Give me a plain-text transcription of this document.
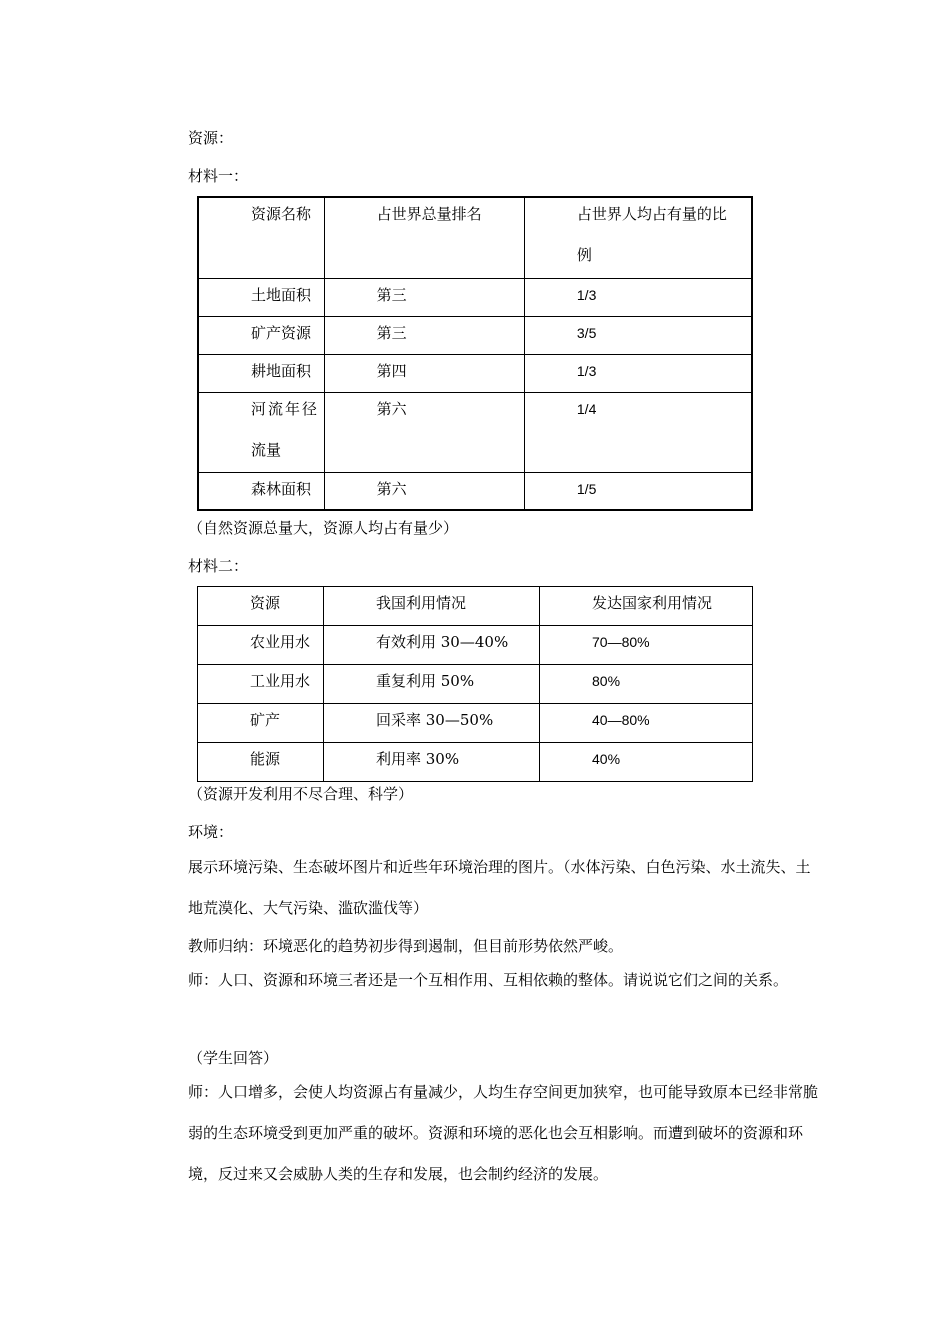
资源：
材料一：
资源名称	占世界总量排名	占世界人均占有量的比
例

土地面积	第三	1/3

矿产资源	第三	3/5

耕地面积	第四	1/3

河流年径
流量	第六	1/4

森林面积	第六	1/5
（自然资源总量大，资源人均占有量少）
材料二：
资源	我国利用情况	发达国家利用情况

农业用水	有效利用 30—40%	70—80%

工业用水	重复利用 50%	80%

矿产	回采率 30—50%	40—80%

能源	利用率 30%	40%
（资源开发利用不尽合理、科学）
环境：
展示环境污染、生态破坏图片和近些年环境治理的图片。（水体污染、白色污染、水土流失、土地荒漠化、大气污染、滥砍滥伐等）
教师归纳：环境恶化的趋势初步得到遏制，但目前形势依然严峻。
师：人口、资源和环境三者还是一个互相作用、互相依赖的整体。请说说它们之间的关系。
（学生回答）
师：人口增多，会使人均资源占有量减少，人均生存空间更加狭窄，也可能导致原本已经非常脆弱的生态环境受到更加严重的破坏。资源和环境的恶化也会互相影响。而遭到破坏的资源和环境，反过来又会威胁人类的生存和发展，也会制约经济的发展。
